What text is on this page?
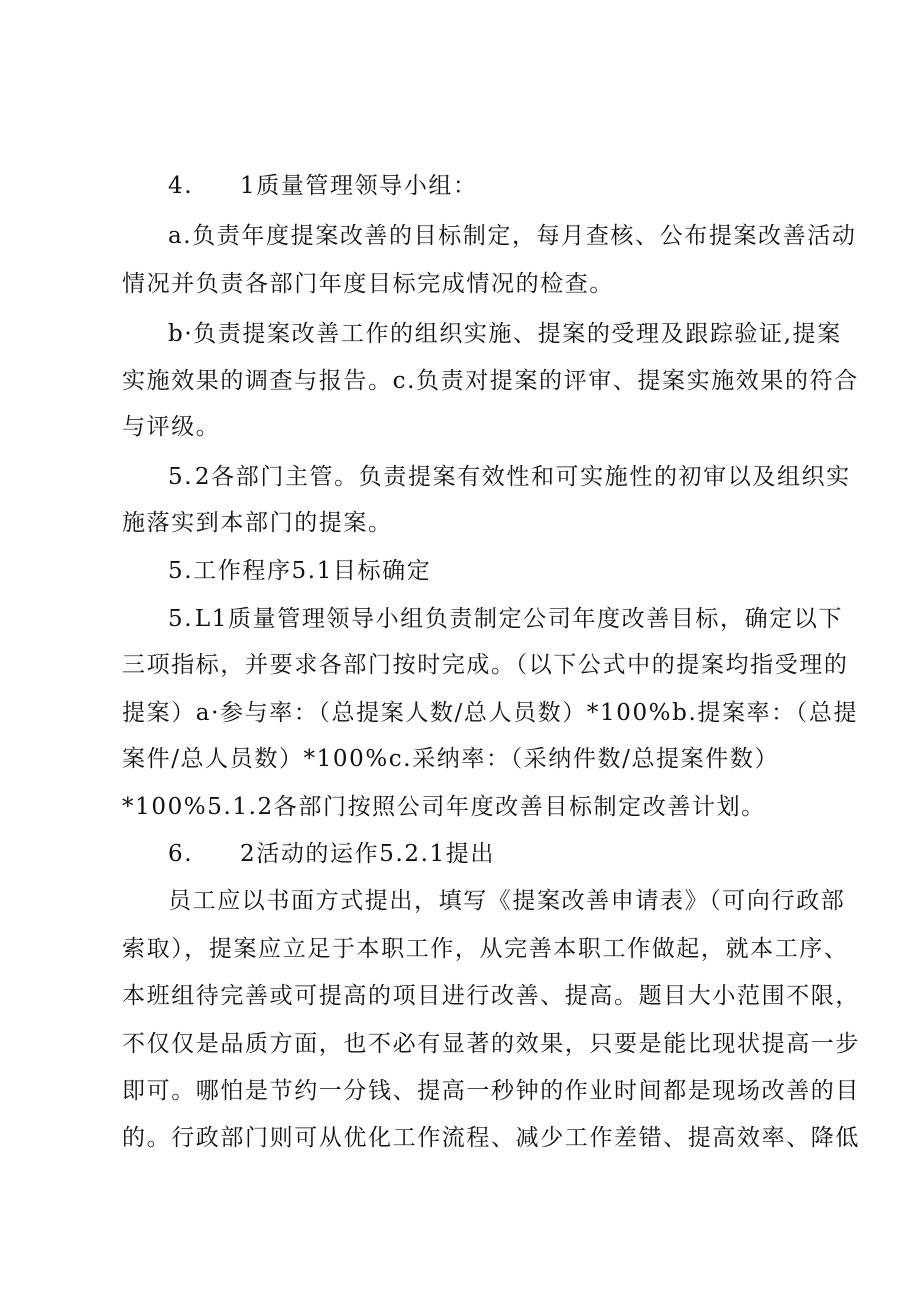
4. 1质量管理领导小组：
a.负责年度提案改善的目标制定，每月查核、公布提案改善活动
情况并负责各部门年度目标完成情况的检查。
b·负责提案改善工作的组织实施、提案的受理及跟踪验证,提案
实施效果的调查与报告。c.负责对提案的评审、提案实施效果的符合
与评级。
5. 2各部门主管。负责提案有效性和可实施性的初审以及组织实
施落实到本部门的提案。
5.工作程序5.1目标确定
5. L1质量管理领导小组负责制定公司年度改善目标，确定以下
三项指标，并要求各部门按时完成。（以下公式中的提案均指受理的
提案）a·参与率：（总提案人数/总人员数）*100%b.提案率：（总提
案件/总人员数）*100%c.采纳率：（采纳件数/总提案件数）
*100%5.1.2各部门按照公司年度改善目标制定改善计划。
6. 2活动的运作5.2.1提出
员工应以书面方式提出，填写《提案改善申请表》（可向行政部
索取），提案应立足于本职工作，从完善本职工作做起，就本工序、
本班组待完善或可提高的项目进行改善、提高。题目大小范围不限，
不仅仅是品质方面，也不必有显著的效果，只要是能比现状提高一步
即可。哪怕是节约一分钱、提高一秒钟的作业时间都是现场改善的目
的。行政部门则可从优化工作流程、减少工作差错、提高效率、降低
